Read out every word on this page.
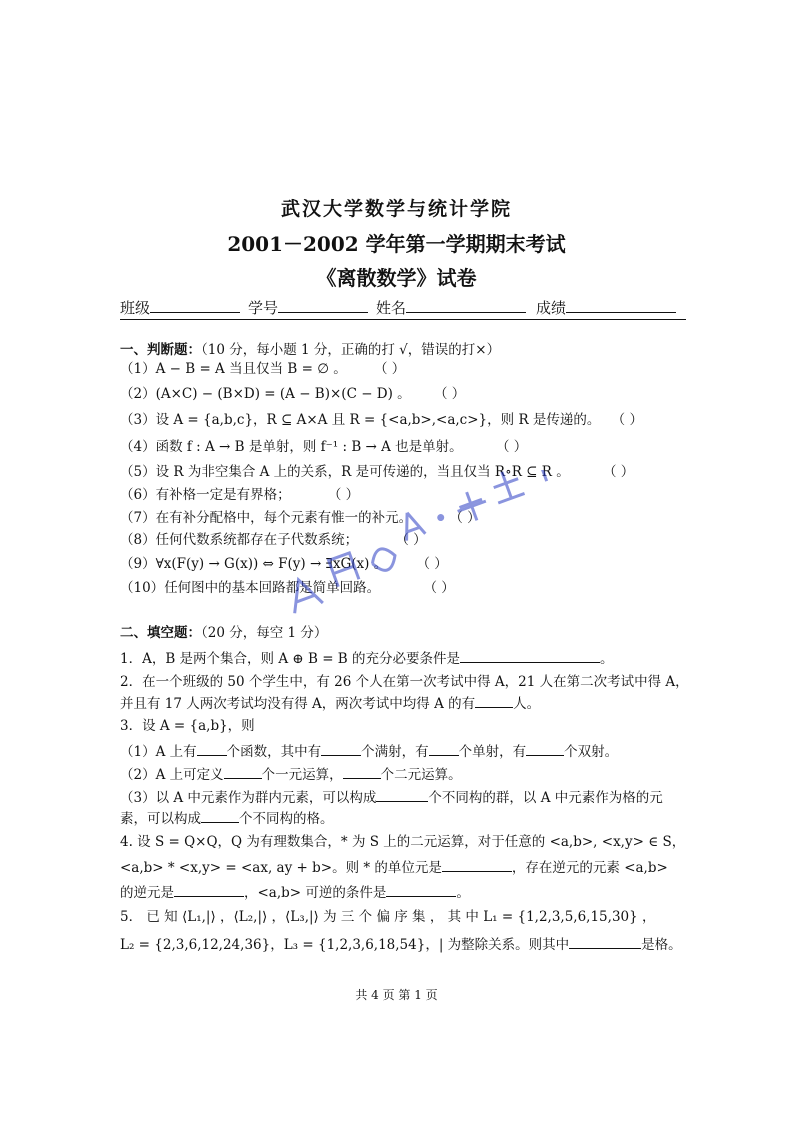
武汉大学数学与统计学院
2001－2002 学年第一学期期末考试
《离散数学》试卷
班级	学号	姓名	成绩
一、判断题：（10 分，每小题 1 分，正确的打 √，错误的打×）
（1）A − B = A 当且仅当 B = ∅ 。	（ ）
（2）(A×C) − (B×D) = (A − B)×(C − D) 。 （ ）
（3）设 A = {a,b,c}，R ⊆ A×A 且 R = {<a,b>,<a,c>}，则 R 是传递的。 （ ）
（4）函数 f : A → B 是单射，则 f⁻¹ : B → A 也是单射。	（ ）
（5）设 R 为非空集合 A 上的关系，R 是可传递的，当且仅当 R∘R ⊆ R 。	（ ）
（6）有补格一定是有界格；	（ ）
（7）在有补分配格中，每个元素有惟一的补元。	（ ）
（8）任何代数系统都存在子代数系统；	（ ）
（9）∀x(F(y) → G(x)) ⇔ F(y) → ∃xG(x) 。	（ ）
（10）任何图中的基本回路都是简单回路。	（ ）
二、填空题：（20 分，每空 1 分）
1．A，B 是两个集合，则 A ⊕ B = B 的充分必要条件是	。
2．在一个班级的 50 个学生中，有 26 个人在第一次考试中得 A，21 人在第二次考试中得 A，
并且有 17 人两次考试均没有得 A，两次考试中均得 A 的有	人。
3．设 A = {a,b}，则
（1）A 上有 个函数，其中有	个满射，有 个单射，有	个双射。
（2）A 上可定义	个一元运算，	个二元运算。
（3）以 A 中元素作为群内元素，可以构成	个不同构的群，以 A 中元素作为格的元
素，可以构成	个不同构的格。
4. 设 S = Q×Q，Q 为有理数集合，* 为 S 上的二元运算，对于任意的 <a,b>, <x,y> ∈ S，
<a,b> * <x,y> = <ax, ay + b>。则 * 的单位元是	，存在逆元的元素 <a,b>
的逆元是	，<a,b> 可逆的条件是	。
5． 已 知 ⟨L₁,|⟩ ，⟨L₂,|⟩ ，⟨L₃,|⟩ 为 三 个 偏 序 集 ， 其 中 L₁ = {1,2,3,5,6,15,30} ，
L₂ = {2,3,6,12,24,36}，L₃ = {1,2,3,6,18,54}，| 为整除关系。则其中	是格。
共 4 页 第 1 页
